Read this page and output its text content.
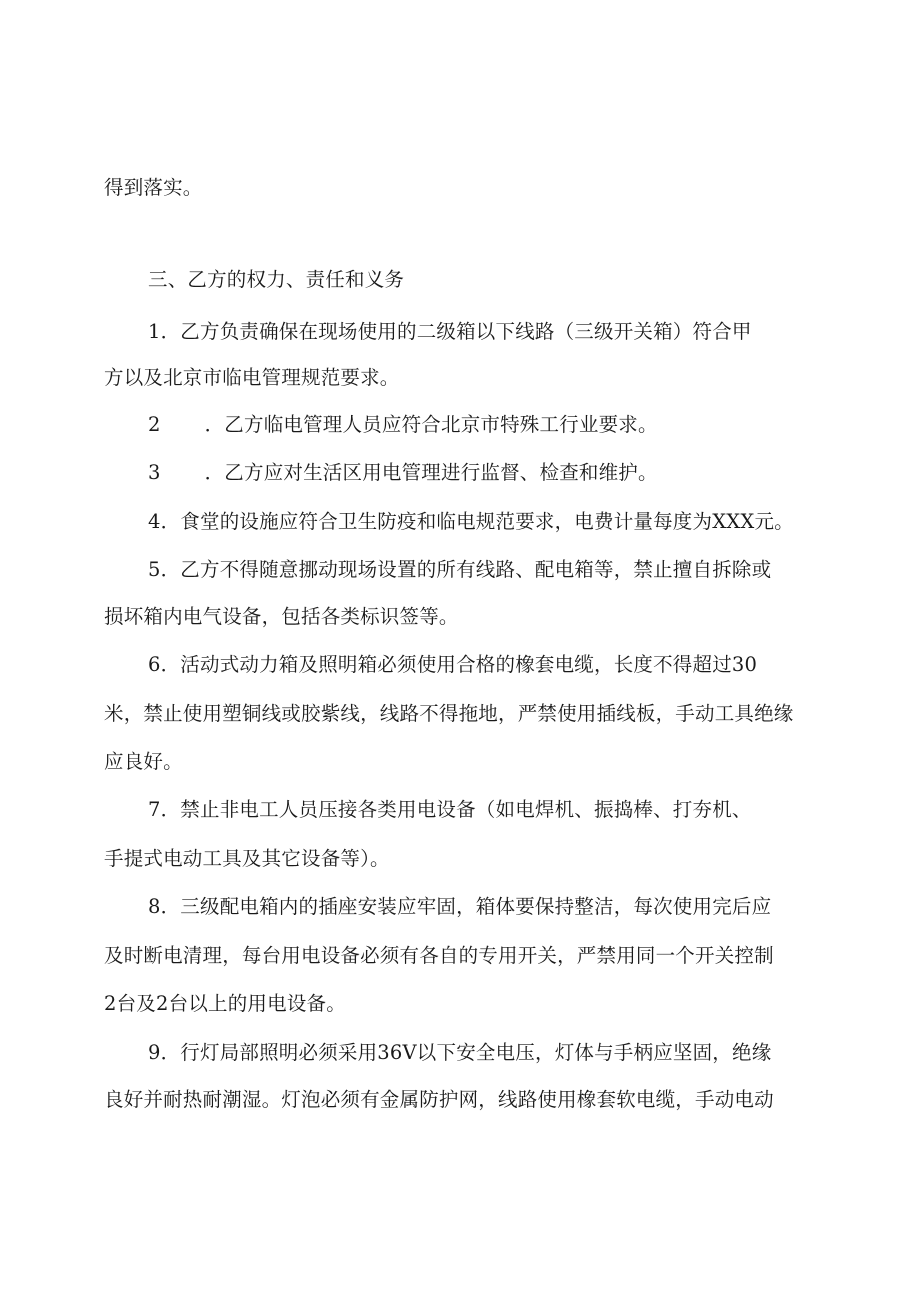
得到落实。
三、乙方的权力、责任和义务
1．乙方负责确保在现场使用的二级箱以下线路（三级开关箱）符合甲
方以及北京市临电管理规范要求。
2 ．乙方临电管理人员应符合北京市特殊工行业要求。
3 ．乙方应对生活区用电管理进行监督、检查和维护。
4．食堂的设施应符合卫生防疫和临电规范要求，电费计量每度为XXX元。
5．乙方不得随意挪动现场设置的所有线路、配电箱等，禁止擅自拆除或
损坏箱内电气设备，包括各类标识签等。
6．活动式动力箱及照明箱必须使用合格的橡套电缆，长度不得超过30
米，禁止使用塑铜线或胶紫线，线路不得拖地，严禁使用插线板，手动工具绝缘
应良好。
7．禁止非电工人员压接各类用电设备（如电焊机、振捣棒、打夯机、
手提式电动工具及其它设备等）。
8．三级配电箱内的插座安装应牢固，箱体要保持整洁，每次使用完后应
及时断电清理，每台用电设备必须有各自的专用开关，严禁用同一个开关控制
2台及2台以上的用电设备。
9．行灯局部照明必须采用36V以下安全电压，灯体与手柄应坚固，绝缘
良好并耐热耐潮湿。灯泡必须有金属防护网，线路使用橡套软电缆，手动电动
